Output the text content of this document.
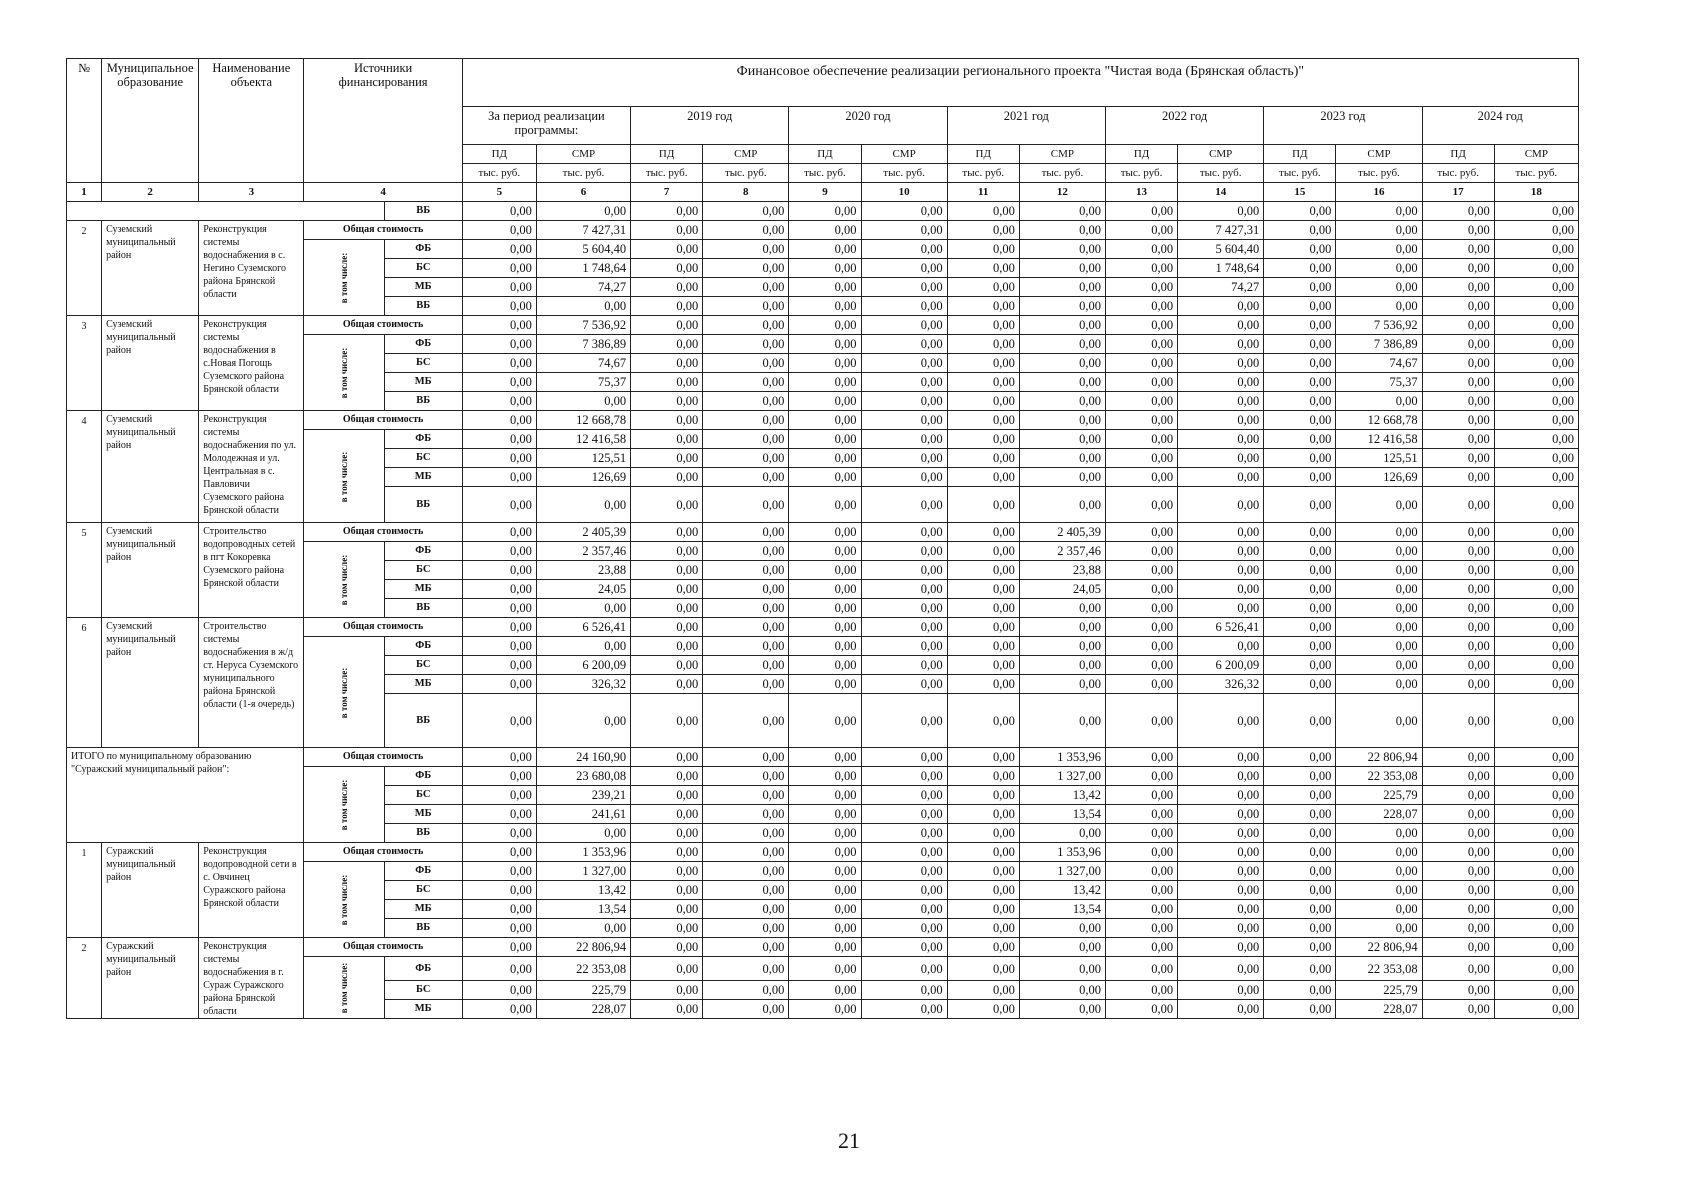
№	Муниципальное образование	Наименование объекта	Источники финансирования		Финансовое обеспечение реализации регионального проекта "Чистая вода (Брянская область)"													
					За период реализации программы:		2019 год		2020 год		2021 год		2022 год		2023 год		2024 год	
					ПД	СМР	ПД	СМР	ПД	СМР	ПД	СМР	ПД	СМР	ПД	СМР	ПД	СМР
					тыс. руб.	тыс. руб.	тыс. руб.	тыс. руб.	тыс. руб.	тыс. руб.	тыс. руб.	тыс. руб.	тыс. руб.	тыс. руб.	тыс. руб.	тыс. руб.	тыс. руб.	тыс. руб.
1	2	3	4		5	6	7	8	9	10	11	12	13	14	15	16	17	18
				ВБ	0,00	0,00	0,00	0,00	0,00	0,00	0,00	0,00	0,00	0,00	0,00	0,00	0,00	0,00
2	Суземский муниципальный район	Реконструкция системы водоснабжения в с. Негино Суземского района Брянской области	Общая стоимость		0,00	7 427,31	0,00	0,00	0,00	0,00	0,00	0,00	0,00	7 427,31	0,00	0,00	0,00	0,00
			в том числе:	ФБ	0,00	5 604,40	0,00	0,00	0,00	0,00	0,00	0,00	0,00	5 604,40	0,00	0,00	0,00	0,00
				БС	0,00	1 748,64	0,00	0,00	0,00	0,00	0,00	0,00	0,00	1 748,64	0,00	0,00	0,00	0,00
				МБ	0,00	74,27	0,00	0,00	0,00	0,00	0,00	0,00	0,00	74,27	0,00	0,00	0,00	0,00
				ВБ	0,00	0,00	0,00	0,00	0,00	0,00	0,00	0,00	0,00	0,00	0,00	0,00	0,00	0,00
3	Суземский муниципальный район	Реконструкция системы водоснабжения в с.Новая Погощь Суземского района Брянской области	Общая стоимость		0,00	7 536,92	0,00	0,00	0,00	0,00	0,00	0,00	0,00	0,00	0,00	7 536,92	0,00	0,00
			в том числе:	ФБ	0,00	7 386,89	0,00	0,00	0,00	0,00	0,00	0,00	0,00	0,00	0,00	7 386,89	0,00	0,00
				БС	0,00	74,67	0,00	0,00	0,00	0,00	0,00	0,00	0,00	0,00	0,00	74,67	0,00	0,00
				МБ	0,00	75,37	0,00	0,00	0,00	0,00	0,00	0,00	0,00	0,00	0,00	75,37	0,00	0,00
				ВБ	0,00	0,00	0,00	0,00	0,00	0,00	0,00	0,00	0,00	0,00	0,00	0,00	0,00	0,00
4	Суземский муниципальный район	Реконструкция системы водоснабжения по ул. Молодежная и ул. Центральная в с. Павловичи Суземского района Брянской области	Общая стоимость		0,00	12 668,78	0,00	0,00	0,00	0,00	0,00	0,00	0,00	0,00	0,00	12 668,78	0,00	0,00
			в том числе:	ФБ	0,00	12 416,58	0,00	0,00	0,00	0,00	0,00	0,00	0,00	0,00	0,00	12 416,58	0,00	0,00
				БС	0,00	125,51	0,00	0,00	0,00	0,00	0,00	0,00	0,00	0,00	0,00	125,51	0,00	0,00
				МБ	0,00	126,69	0,00	0,00	0,00	0,00	0,00	0,00	0,00	0,00	0,00	126,69	0,00	0,00
				ВБ	0,00	0,00	0,00	0,00	0,00	0,00	0,00	0,00	0,00	0,00	0,00	0,00	0,00	0,00
5	Суземский муниципальный район	Строительство водопроводных сетей в пгт Кокоревка Суземского района Брянской области	Общая стоимость		0,00	2 405,39	0,00	0,00	0,00	0,00	0,00	2 405,39	0,00	0,00	0,00	0,00	0,00	0,00
			в том числе:	ФБ	0,00	2 357,46	0,00	0,00	0,00	0,00	0,00	2 357,46	0,00	0,00	0,00	0,00	0,00	0,00
				БС	0,00	23,88	0,00	0,00	0,00	0,00	0,00	23,88	0,00	0,00	0,00	0,00	0,00	0,00
				МБ	0,00	24,05	0,00	0,00	0,00	0,00	0,00	24,05	0,00	0,00	0,00	0,00	0,00	0,00
				ВБ	0,00	0,00	0,00	0,00	0,00	0,00	0,00	0,00	0,00	0,00	0,00	0,00	0,00	0,00
6	Суземский муниципальный район	Строительство системы водоснабжения в ж/д ст. Неруса Суземского муниципального района Брянской области (1-я очередь)	Общая стоимость		0,00	6 526,41	0,00	0,00	0,00	0,00	0,00	0,00	0,00	6 526,41	0,00	0,00	0,00	0,00
			в том числе:	ФБ	0,00	0,00	0,00	0,00	0,00	0,00	0,00	0,00	0,00	0,00	0,00	0,00	0,00	0,00
				БС	0,00	6 200,09	0,00	0,00	0,00	0,00	0,00	0,00	0,00	6 200,09	0,00	0,00	0,00	0,00
				МБ	0,00	326,32	0,00	0,00	0,00	0,00	0,00	0,00	0,00	326,32	0,00	0,00	0,00	0,00
				ВБ	0,00	0,00	0,00	0,00	0,00	0,00	0,00	0,00	0,00	0,00	0,00	0,00	0,00	0,00
ИТОГО по муниципальному образованию "Суражский муниципальный район":			Общая стоимость		0,00	24 160,90	0,00	0,00	0,00	0,00	0,00	1 353,96	0,00	0,00	0,00	22 806,94	0,00	0,00
			в том числе:	ФБ	0,00	23 680,08	0,00	0,00	0,00	0,00	0,00	1 327,00	0,00	0,00	0,00	22 353,08	0,00	0,00
				БС	0,00	239,21	0,00	0,00	0,00	0,00	0,00	13,42	0,00	0,00	0,00	225,79	0,00	0,00
				МБ	0,00	241,61	0,00	0,00	0,00	0,00	0,00	13,54	0,00	0,00	0,00	228,07	0,00	0,00
				ВБ	0,00	0,00	0,00	0,00	0,00	0,00	0,00	0,00	0,00	0,00	0,00	0,00	0,00	0,00
1	Суражский муниципальный район	Реконструкция водопроводной сети в с. Овчинец Суражского района Брянской области	Общая стоимость		0,00	1 353,96	0,00	0,00	0,00	0,00	0,00	1 353,96	0,00	0,00	0,00	0,00	0,00	0,00
			в том числе:	ФБ	0,00	1 327,00	0,00	0,00	0,00	0,00	0,00	1 327,00	0,00	0,00	0,00	0,00	0,00	0,00
				БС	0,00	13,42	0,00	0,00	0,00	0,00	0,00	13,42	0,00	0,00	0,00	0,00	0,00	0,00
				МБ	0,00	13,54	0,00	0,00	0,00	0,00	0,00	13,54	0,00	0,00	0,00	0,00	0,00	0,00
				ВБ	0,00	0,00	0,00	0,00	0,00	0,00	0,00	0,00	0,00	0,00	0,00	0,00	0,00	0,00
2	Суражский муниципальный район	Реконструкция системы водоснабжения в г. Сураж Суражского района Брянской области	Общая стоимость		0,00	22 806,94	0,00	0,00	0,00	0,00	0,00	0,00	0,00	0,00	0,00	22 806,94	0,00	0,00
			в том числе:	ФБ	0,00	22 353,08	0,00	0,00	0,00	0,00	0,00	0,00	0,00	0,00	0,00	22 353,08	0,00	0,00
				БС	0,00	225,79	0,00	0,00	0,00	0,00	0,00	0,00	0,00	0,00	0,00	225,79	0,00	0,00
				МБ	0,00	228,07	0,00	0,00	0,00	0,00	0,00	0,00	0,00	0,00	0,00	228,07	0,00	0,00
21
